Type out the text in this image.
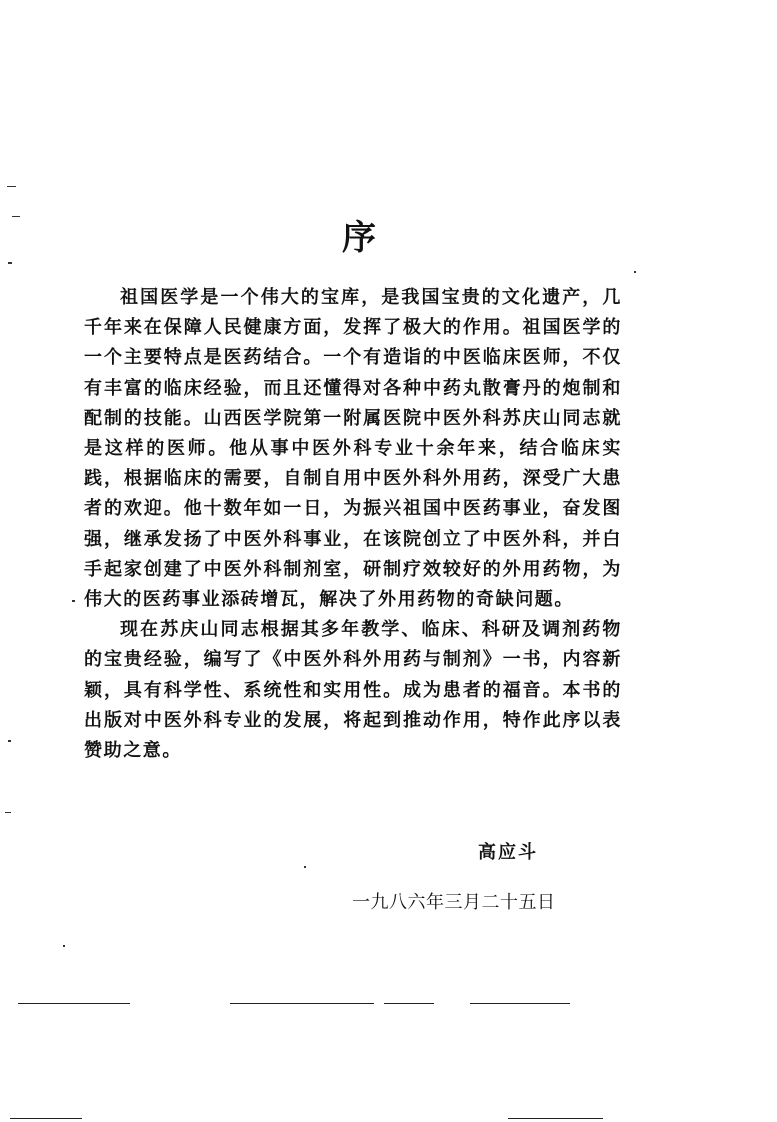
序

祖国医学是一个伟大的宝库，是我国宝贵的文化遗产，几千年来在保障人民健康方面，发挥了极大的作用。祖国医学的一个主要特点是医药结合。一个有造诣的中医临床医师，不仅有丰富的临床经验，而且还懂得对各种中药丸散膏丹的炮制和配制的技能。山西医学院第一附属医院中医外科苏庆山同志就是这样的医师。他从事中医外科专业十余年来，结合临床实践，根据临床的需要，自制自用中医外科外用药，深受广大患者的欢迎。他十数年如一日，为振兴祖国中医药事业，奋发图强，继承发扬了中医外科事业，在该院创立了中医外科，并白手起家创建了中医外科制剂室，研制疗效较好的外用药物，为伟大的医药事业添砖增瓦，解决了外用药物的奇缺问题。

现在苏庆山同志根据其多年教学、临床、科研及调剂药物的宝贵经验，编写了《中医外科外用药与制剂》一书，内容新颖，具有科学性、系统性和实用性。成为患者的福音。本书的出版对中医外科专业的发展，将起到推动作用，特作此序以表赞助之意。

高应斗

一九八六年三月二十五日
